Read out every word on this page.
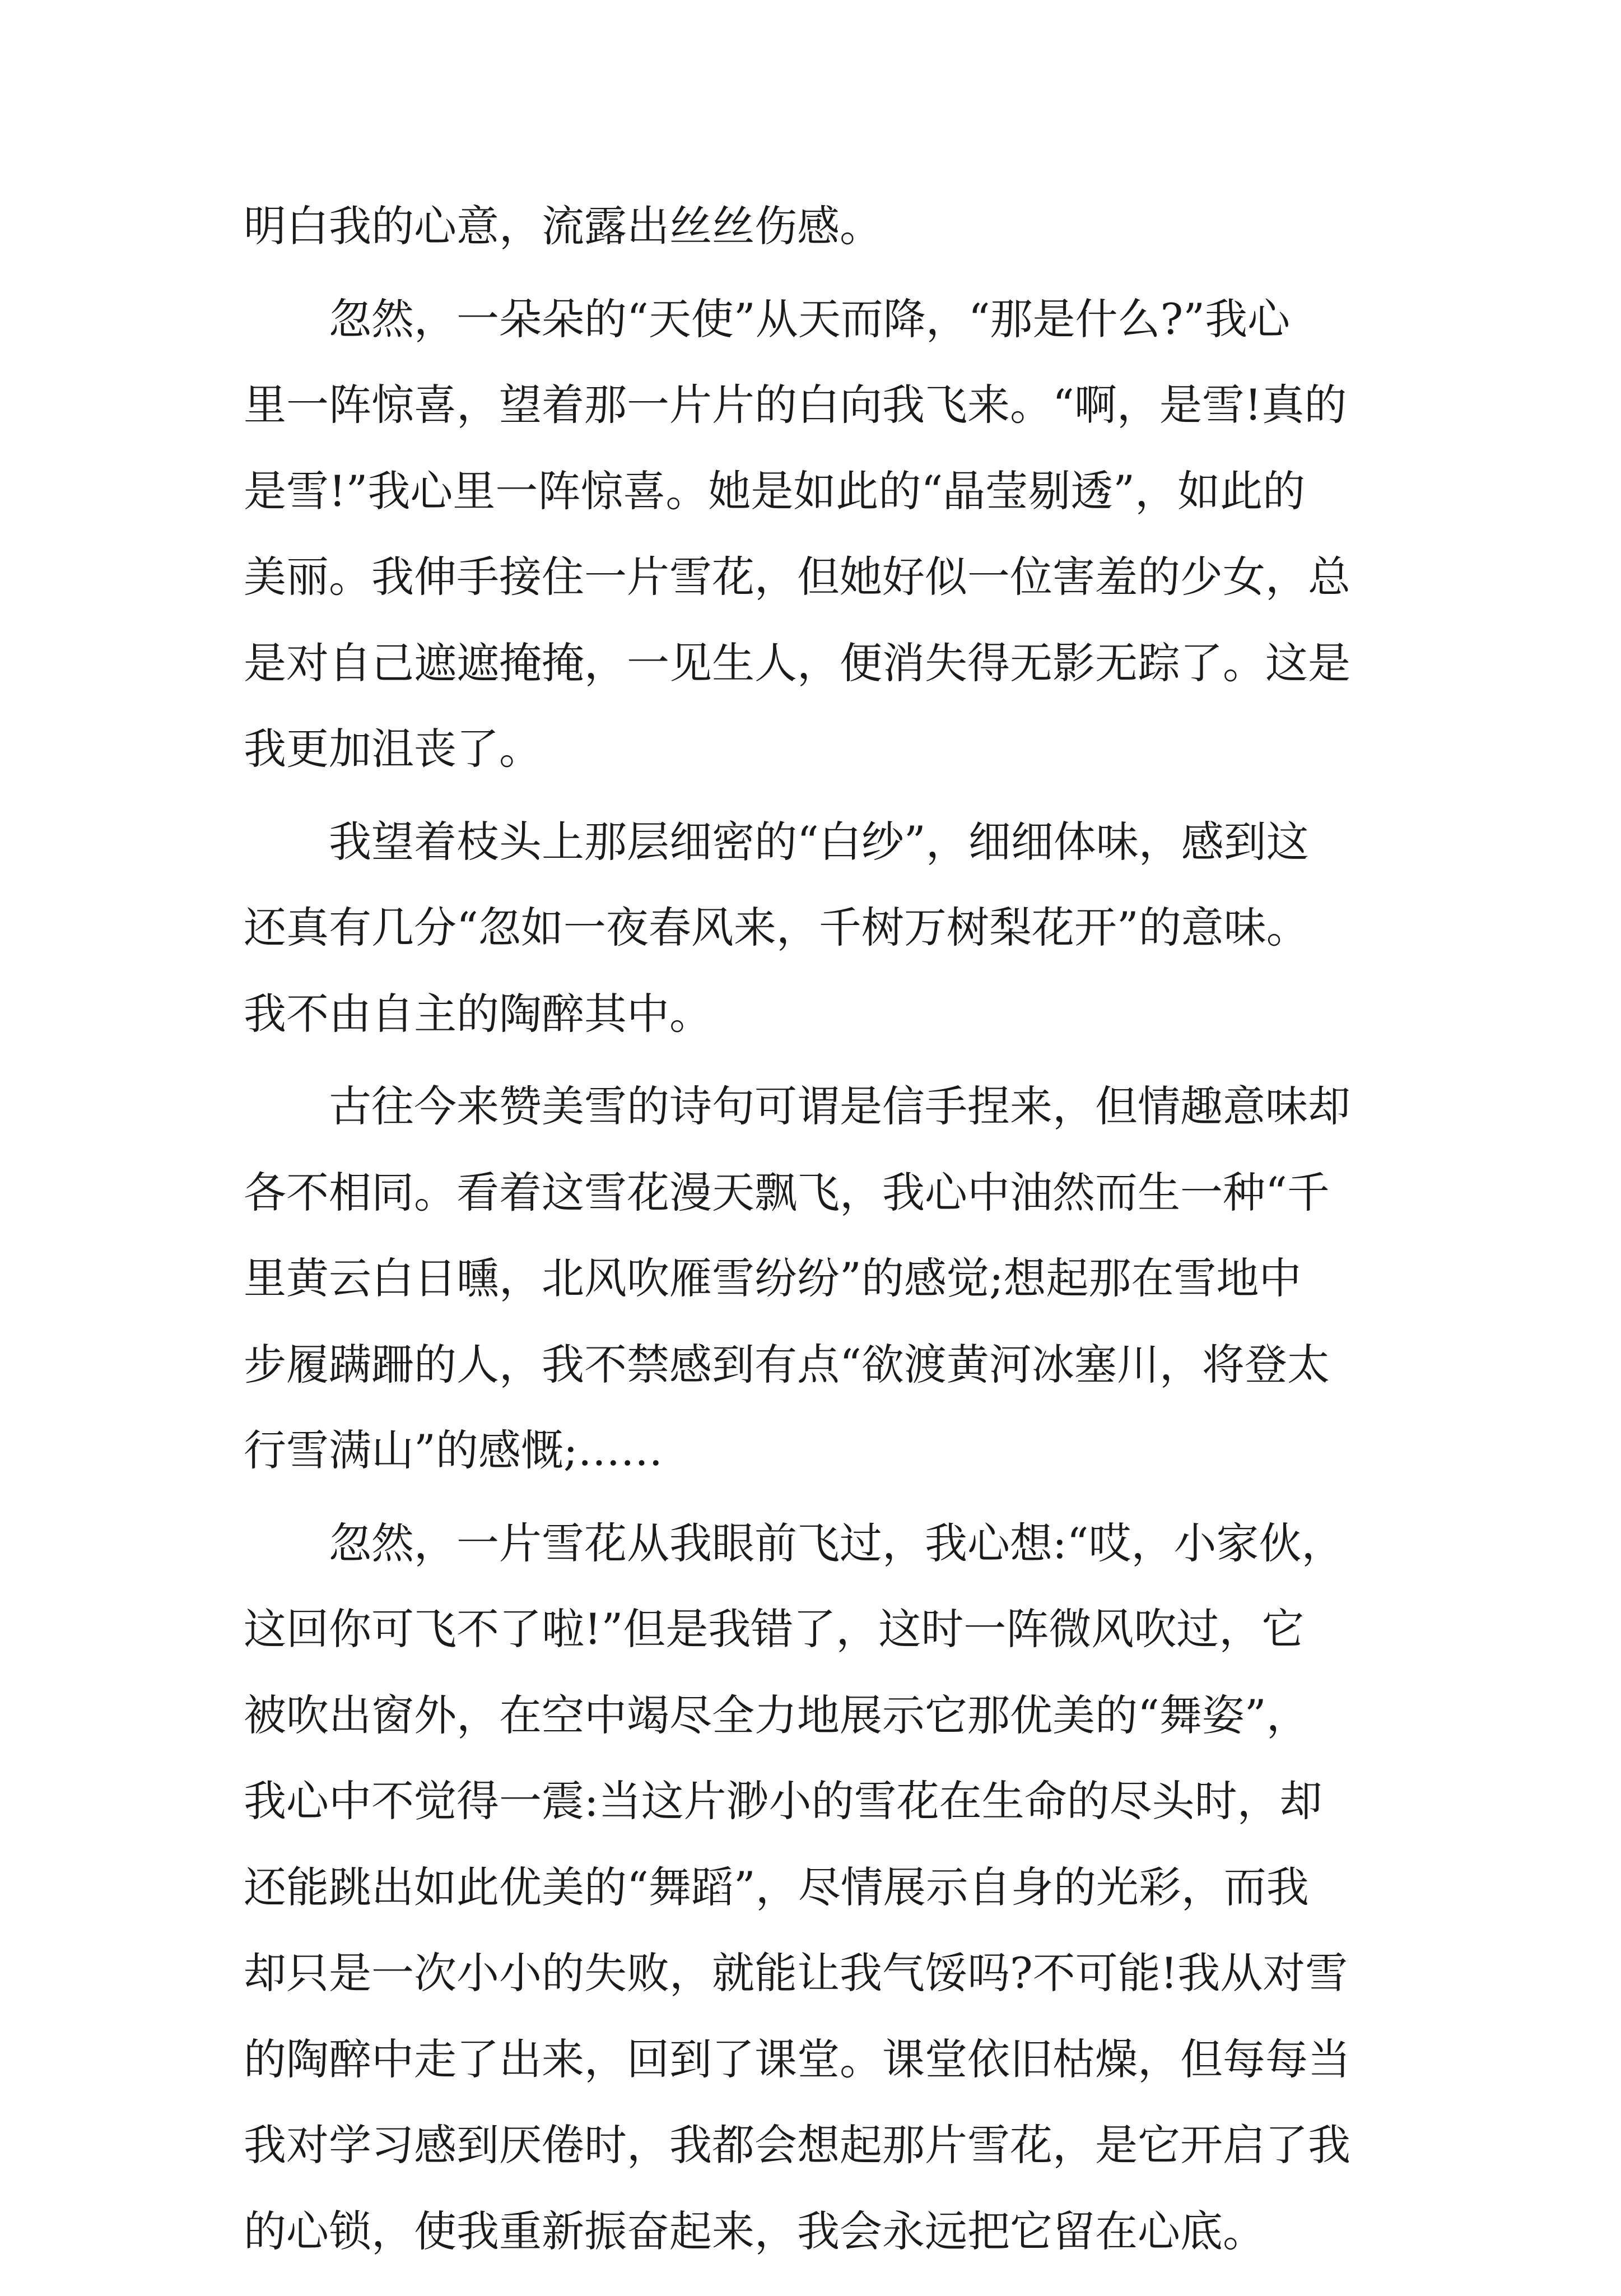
明白我的心意，流露出丝丝伤感。
　　忽然，一朵朵的“天使”从天而降，“那是什么?”我心
里一阵惊喜，望着那一片片的白向我飞来。“啊，是雪!真的
是雪!”我心里一阵惊喜。她是如此的“晶莹剔透”，如此的
美丽。我伸手接住一片雪花，但她好似一位害羞的少女，总
是对自己遮遮掩掩，一见生人，便消失得无影无踪了。这是
我更加沮丧了。
　　我望着枝头上那层细密的“白纱”，细细体味，感到这
还真有几分“忽如一夜春风来，千树万树梨花开”的意味。
我不由自主的陶醉其中。
　　古往今来赞美雪的诗句可谓是信手捏来，但情趣意味却
各不相同。看着这雪花漫天飘飞，我心中油然而生一种“千
里黄云白日曛，北风吹雁雪纷纷”的感觉;想起那在雪地中
步履蹒跚的人，我不禁感到有点“欲渡黄河冰塞川，将登太
行雪满山”的感慨;……
　　忽然，一片雪花从我眼前飞过，我心想:“哎，小家伙，
这回你可飞不了啦!”但是我错了，这时一阵微风吹过，它
被吹出窗外，在空中竭尽全力地展示它那优美的“舞姿”，
我心中不觉得一震:当这片渺小的雪花在生命的尽头时，却
还能跳出如此优美的“舞蹈”，尽情展示自身的光彩，而我
却只是一次小小的失败，就能让我气馁吗?不可能!我从对雪
的陶醉中走了出来，回到了课堂。课堂依旧枯燥，但每每当
我对学习感到厌倦时，我都会想起那片雪花，是它开启了我
的心锁，使我重新振奋起来，我会永远把它留在心底。
